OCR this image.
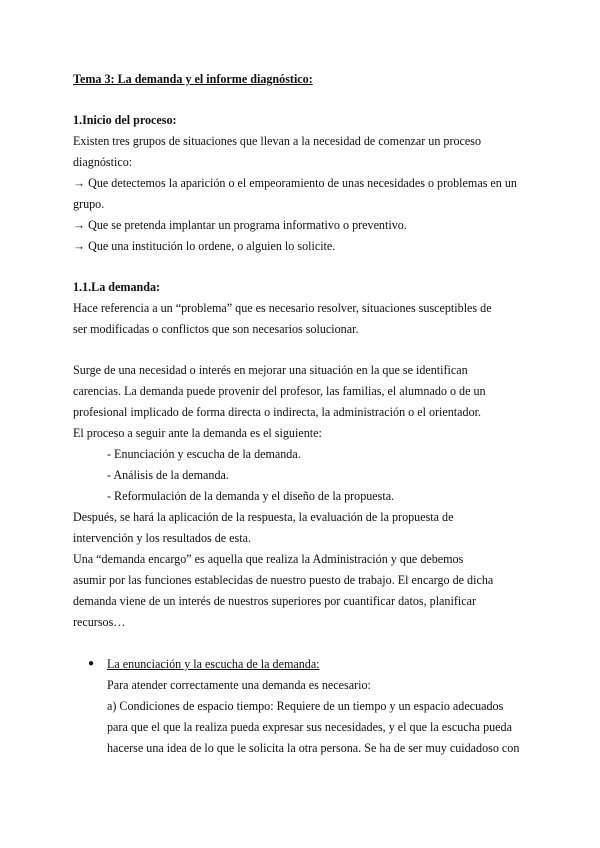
Tema 3: La demanda y el informe diagnóstico:
1.Inicio del proceso:
Existen tres grupos de situaciones que llevan a la necesidad de comenzar un proceso
diagnóstico:
→ Que detectemos la aparición o el empeoramiento de unas necesidades o problemas en un
grupo.
→ Que se pretenda implantar un programa informativo o preventivo.
→ Que una institución lo ordene, o alguien lo solicite.
1.1.La demanda:
Hace referencia a un “problema” que es necesario resolver, situaciones susceptibles de
ser modificadas o conflictos que son necesarios solucionar.
Surge de una necesidad o interés en mejorar una situación en la que se identifican
carencias. La demanda puede provenir del profesor, las familias, el alumnado o de un
profesional implicado de forma directa o indirecta, la administración o el orientador.
El proceso a seguir ante la demanda es el siguiente:
- Enunciación y escucha de la demanda.
- Análisis de la demanda.
- Reformulación de la demanda y el diseño de la propuesta.
Después, se hará la aplicación de la respuesta, la evaluación de la propuesta de
intervención y los resultados de esta.
Una “demanda encargo” es aquella que realiza la Administración y que debemos
asumir por las funciones establecidas de nuestro puesto de trabajo. El encargo de dicha
demanda viene de un interés de nuestros superiores por cuantificar datos, planificar
recursos…
● La enunciación y la escucha de la demanda:
Para atender correctamente una demanda es necesario:
a) Condiciones de espacio tiempo: Requiere de un tiempo y un espacio adecuados
para que el que la realiza pueda expresar sus necesidades, y el que la escucha pueda
hacerse una idea de lo que le solicita la otra persona. Se ha de ser muy cuidadoso con
